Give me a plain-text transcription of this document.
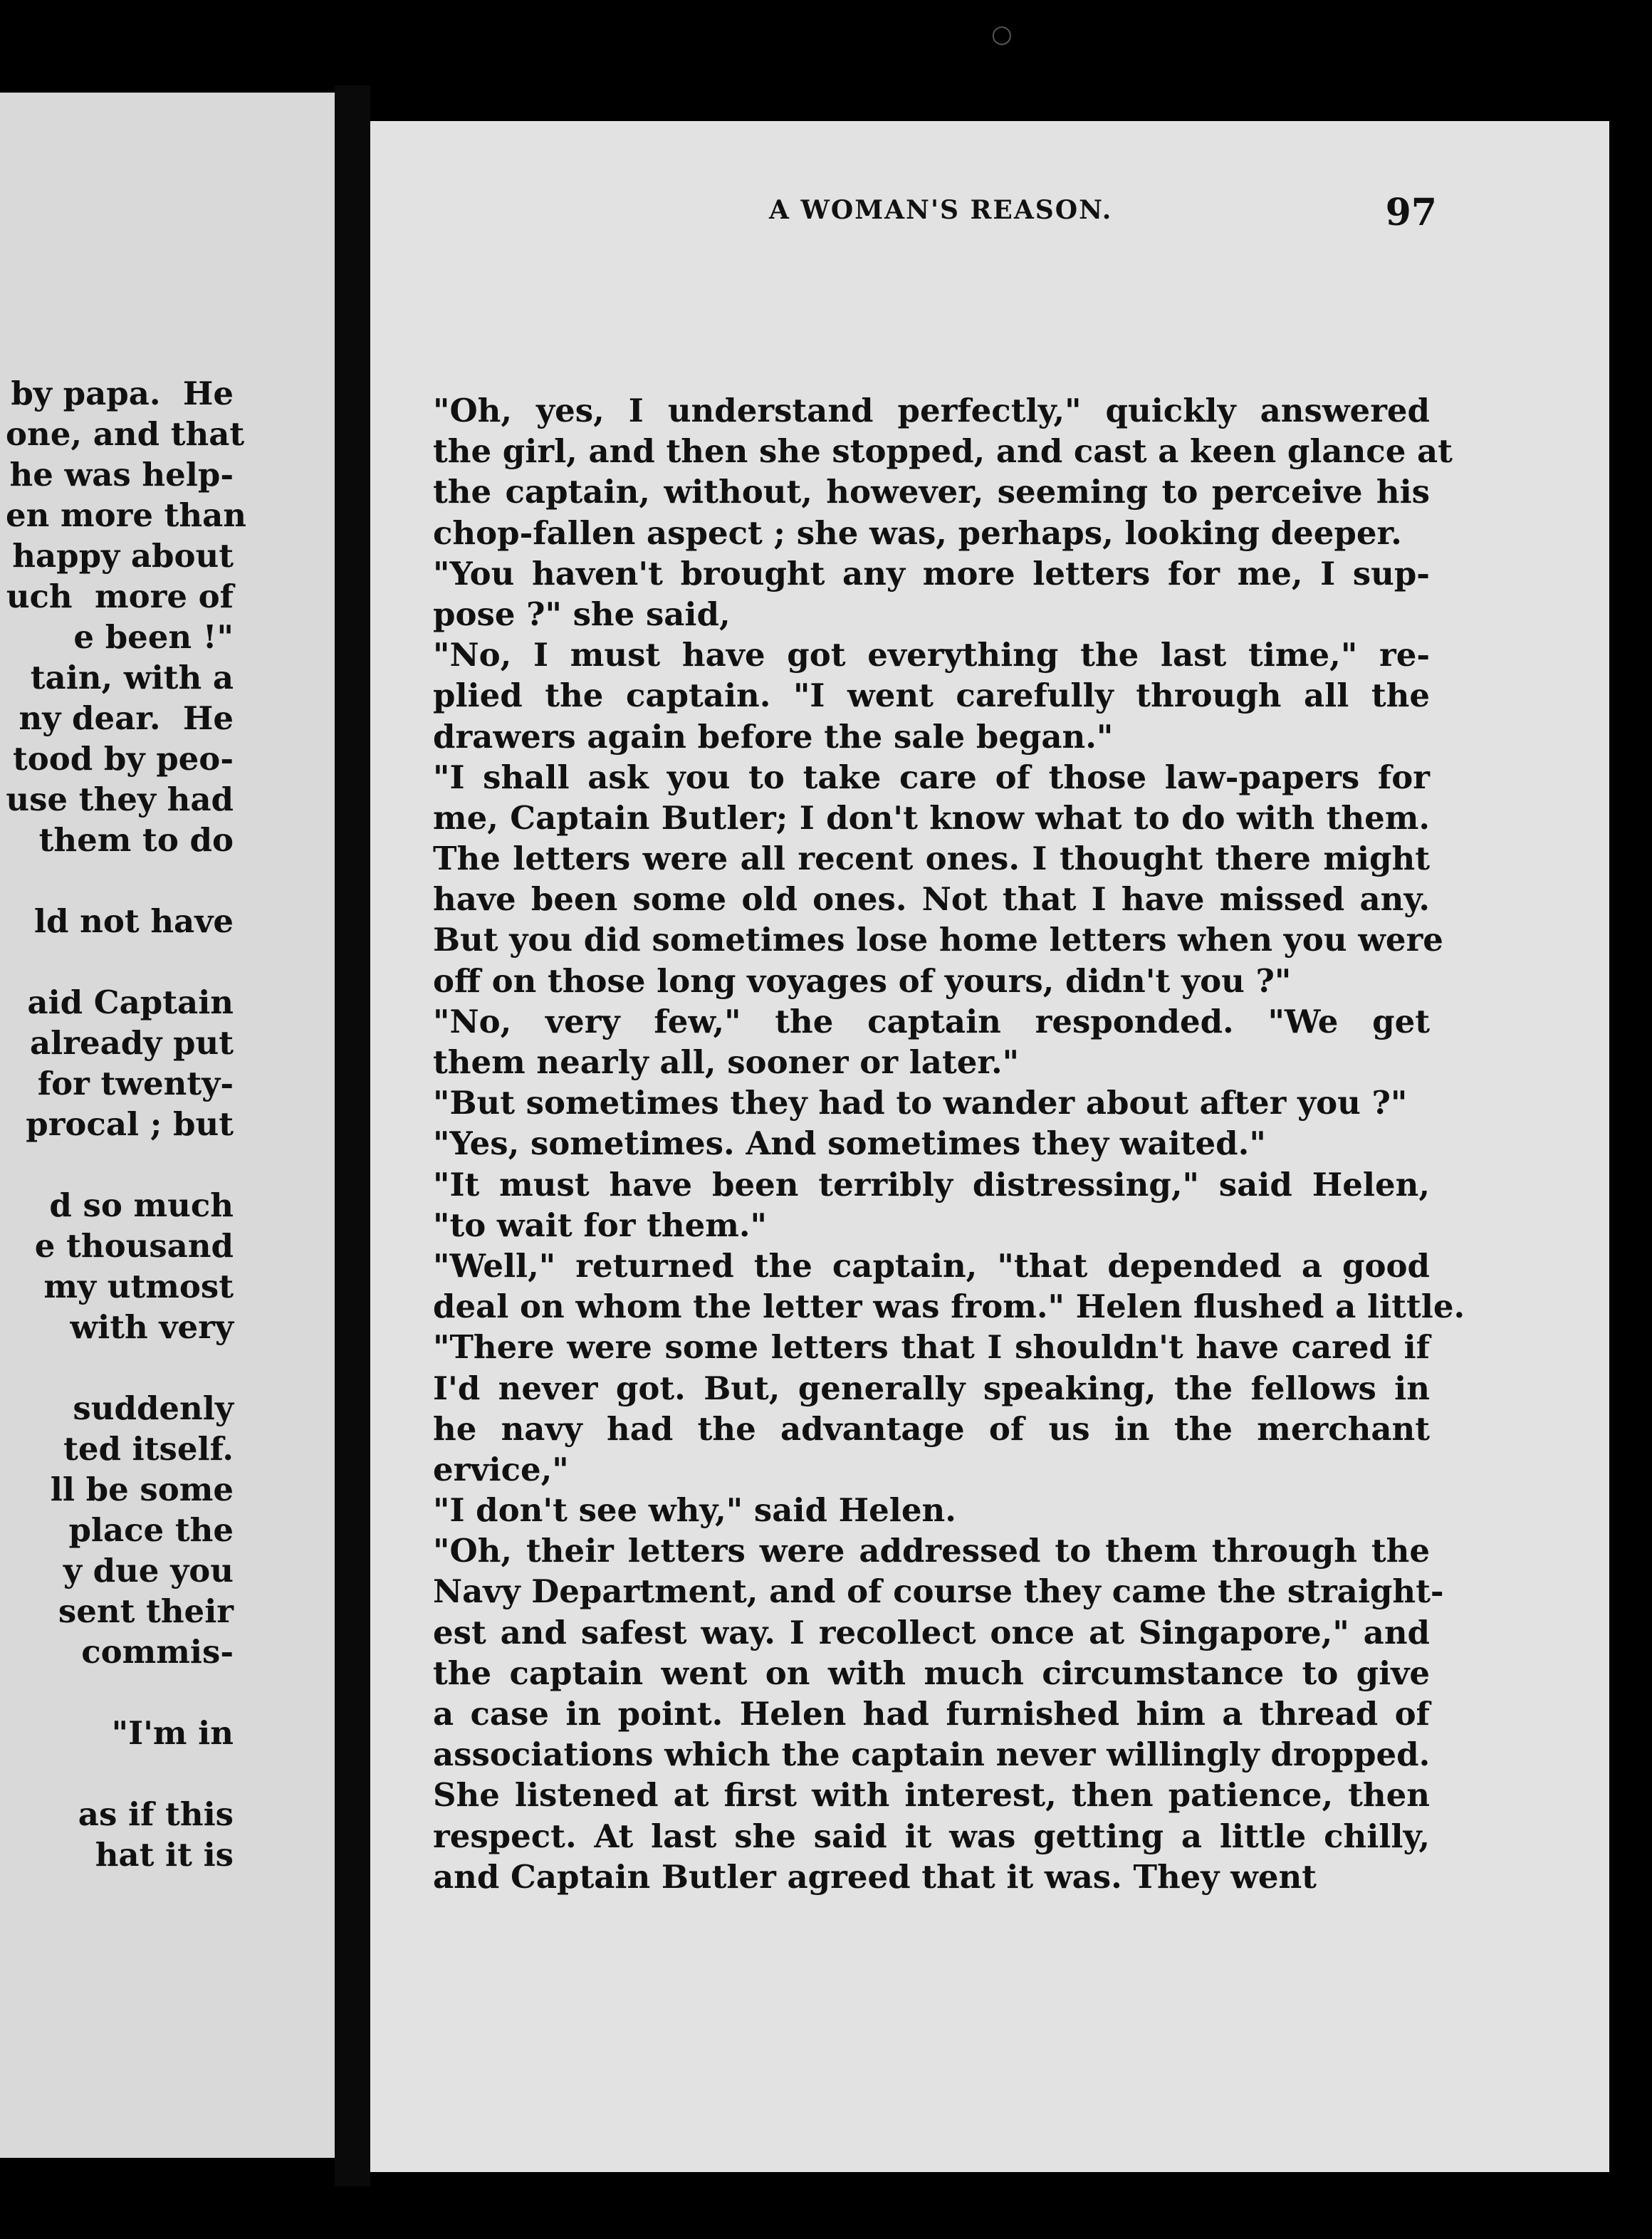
by papa.  He
one, and that
he was help-
en more than
happy about
uch  more of
e been !"
tain, with a
ny dear.  He
tood by peo-
use they had
them to do
ld not have
aid Captain
already put
for twenty-
procal ; but
d so much
e thousand
my utmost
with very
suddenly
ted itself.
ll be some
place the
y due you
sent their
commis-
"I'm in
as if this
hat it is
○
A WOMAN'S REASON.	97
"Oh, yes, I understand perfectly," quickly answered
the girl, and then she stopped, and cast a keen glance at
the captain, without, however, seeming to perceive his
chop-fallen aspect ; she was, perhaps, looking deeper.
"You haven't brought any more letters for me, I sup-
pose ?" she said,
"No, I must have got everything the last time," re-
plied the captain. "I went carefully through all the
drawers again before the sale began."
"I shall ask you to take care of those law-papers for
me, Captain Butler; I don't know what to do with them.
The letters were all recent ones. I thought there might
have been some old ones. Not that I have missed any.
But you did sometimes lose home letters when you were
off on those long voyages of yours, didn't you ?"
"No, very few," the captain responded. "We get
them nearly all, sooner or later."
"But sometimes they had to wander about after you ?"
"Yes, sometimes. And sometimes they waited."
"It must have been terribly distressing," said Helen,
"to wait for them."
"Well," returned the captain, "that depended a good
deal on whom the letter was from." Helen flushed a little.
"There were some letters that I shouldn't have cared if
I'd never got. But, generally speaking, the fellows in
he navy had the advantage of us in the merchant
ervice,"
"I don't see why," said Helen.
"Oh, their letters were addressed to them through the
Navy Department, and of course they came the straight-
est and safest way. I recollect once at Singapore," and
the captain went on with much circumstance to give
a case in point. Helen had furnished him a thread of
associations which the captain never willingly dropped.
She listened at first with interest, then patience, then
respect. At last she said it was getting a little chilly,
and Captain Butler agreed that it was. They went
